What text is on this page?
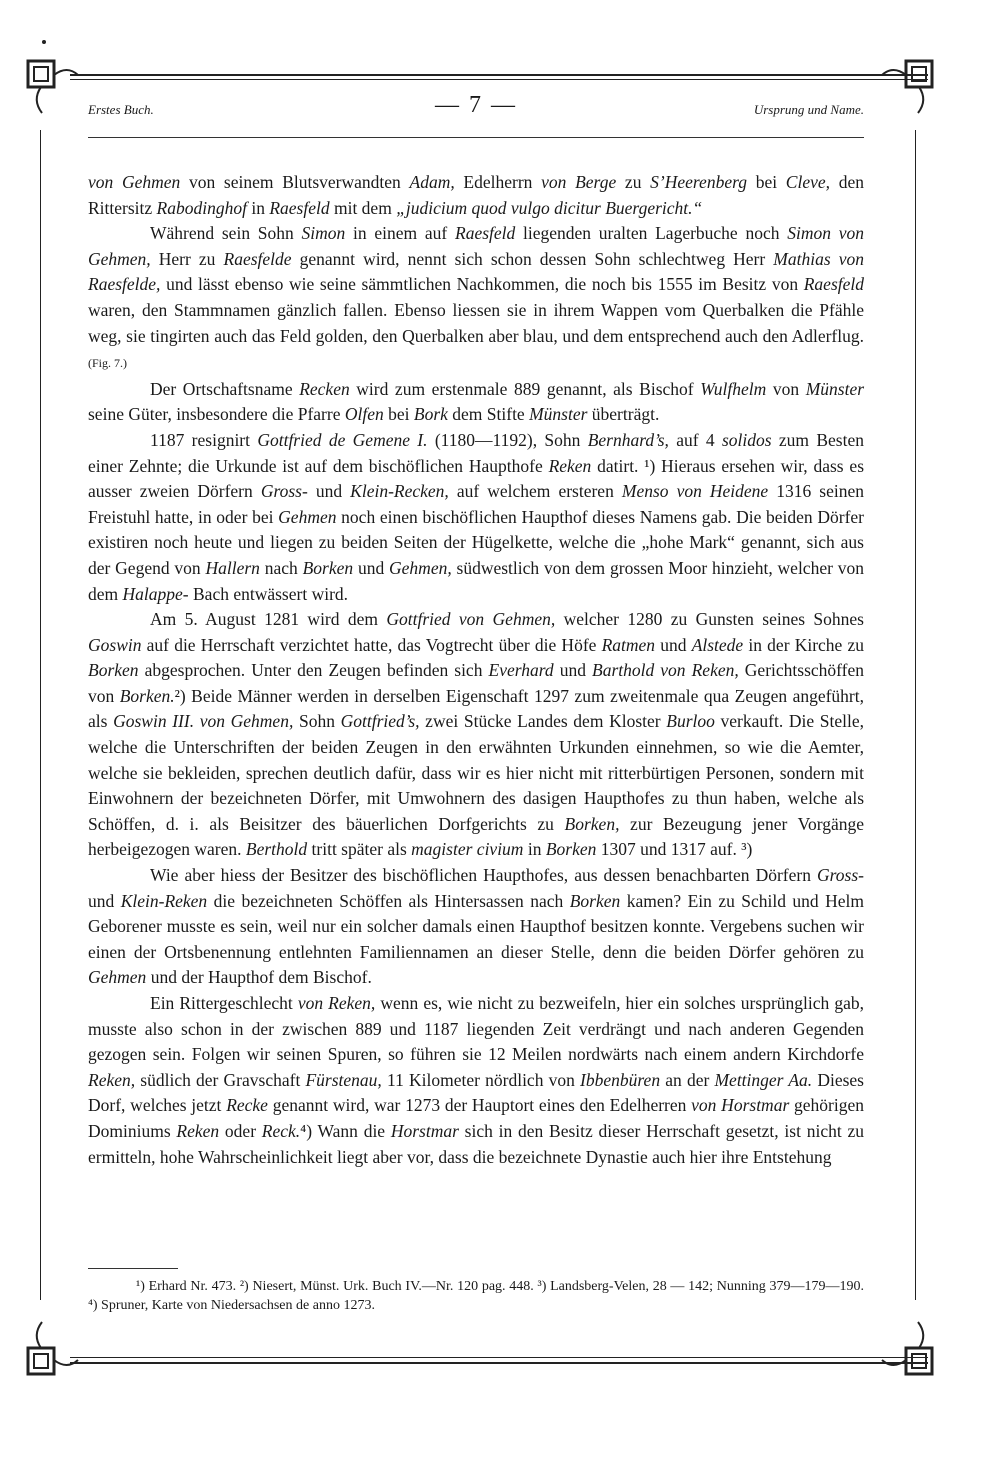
Erstes Buch.	— 7 —	Ursprung und Name.

von Gehmen von seinem Blutsverwandten Adam, Edelherrn von Berge zu S’Heerenberg bei Cleve, den Rittersitz Rabodinghof in Raesfeld mit dem „judicium quod vulgo dicitur Buergericht.“

Während sein Sohn Simon in einem auf Raesfeld liegenden uralten Lagerbuche noch Simon von Gehmen, Herr zu Raesfelde genannt wird, nennt sich schon dessen Sohn schlechtweg Herr Mathias von Raesfelde, und lässt ebenso wie seine sämmtlichen Nachkommen, die noch bis 1555 im Besitz von Raesfeld waren, den Stammnamen gänzlich fallen. Ebenso liessen sie in ihrem Wappen vom Querbalken die Pfähle weg, sie tingirten auch das Feld golden, den Querbalken aber blau, und dem entsprechend auch den Adlerflug. (Fig. 7.)

Der Ortschaftsname Recken wird zum erstenmale 889 genannt, als Bischof Wulfhelm von Münster seine Güter, insbesondere die Pfarre Olfen bei Bork dem Stifte Münster überträgt.

1187 resignirt Gottfried de Gemene I. (1180—1192), Sohn Bernhard’s, auf 4 solidos zum Besten einer Zehnte; die Urkunde ist auf dem bischöflichen Haupthofe Reken datirt. ¹) Hieraus ersehen wir, dass es ausser zweien Dörfern Gross- und Klein-Recken, auf welchem ersteren Menso von Heidene 1316 seinen Freistuhl hatte, in oder bei Gehmen noch einen bischöflichen Haupthof dieses Namens gab. Die beiden Dörfer existiren noch heute und liegen zu beiden Seiten der Hügelkette, welche die „hohe Mark“ genannt, sich aus der Gegend von Hallern nach Borken und Gehmen, südwestlich von dem grossen Moor hinzieht, welcher von dem Halappe- Bach entwässert wird.

Am 5. August 1281 wird dem Gottfried von Gehmen, welcher 1280 zu Gunsten seines Sohnes Goswin auf die Herrschaft verzichtet hatte, das Vogtrecht über die Höfe Ratmen und Alstede in der Kirche zu Borken abgesprochen. Unter den Zeugen befinden sich Everhard und Barthold von Reken, Gerichtsschöffen von Borken.²) Beide Männer werden in derselben Eigenschaft 1297 zum zweitenmale qua Zeugen angeführt, als Goswin III. von Gehmen, Sohn Gottfried’s, zwei Stücke Landes dem Kloster Burloo verkauft. Die Stelle, welche die Unterschriften der beiden Zeugen in den erwähnten Urkunden einnehmen, so wie die Aemter, welche sie bekleiden, sprechen deutlich dafür, dass wir es hier nicht mit ritterbürtigen Personen, sondern mit Einwohnern der bezeichneten Dörfer, mit Umwohnern des dasigen Haupthofes zu thun haben, welche als Schöffen, d. i. als Beisitzer des bäuerlichen Dorfgerichts zu Borken, zur Bezeugung jener Vorgänge herbeigezogen waren. Berthold tritt später als magister civium in Borken 1307 und 1317 auf. ³)

Wie aber hiess der Besitzer des bischöflichen Haupthofes, aus dessen benachbarten Dörfern Gross- und Klein-Reken die bezeichneten Schöffen als Hintersassen nach Borken kamen? Ein zu Schild und Helm Geborener musste es sein, weil nur ein solcher damals einen Haupthof besitzen konnte. Vergebens suchen wir einen der Ortsbenennung entlehnten Familiennamen an dieser Stelle, denn die beiden Dörfer gehören zu Gehmen und der Haupthof dem Bischof.

Ein Rittergeschlecht von Reken, wenn es, wie nicht zu bezweifeln, hier ein solches ursprünglich gab, musste also schon in der zwischen 889 und 1187 liegenden Zeit verdrängt und nach anderen Gegenden gezogen sein. Folgen wir seinen Spuren, so führen sie 12 Meilen nordwärts nach einem andern Kirchdorfe Reken, südlich der Gravschaft Fürstenau, 11 Kilometer nördlich von Ibbenbüren an der Mettinger Aa. Dieses Dorf, welches jetzt Recke genannt wird, war 1273 der Hauptort eines den Edelherren von Horstmar gehörigen Dominiums Reken oder Reck.⁴) Wann die Horstmar sich in den Besitz dieser Herrschaft gesetzt, ist nicht zu ermitteln, hohe Wahrscheinlichkeit liegt aber vor, dass die bezeichnete Dynastie auch hier ihre Entstehung

¹) Erhard Nr. 473. ²) Niesert, Münst. Urk. Buch IV.—Nr. 120 pag. 448. ³) Landsberg-Velen, 28 — 142; Nunning 379—179—190. ⁴) Spruner, Karte von Niedersachsen de anno 1273.
